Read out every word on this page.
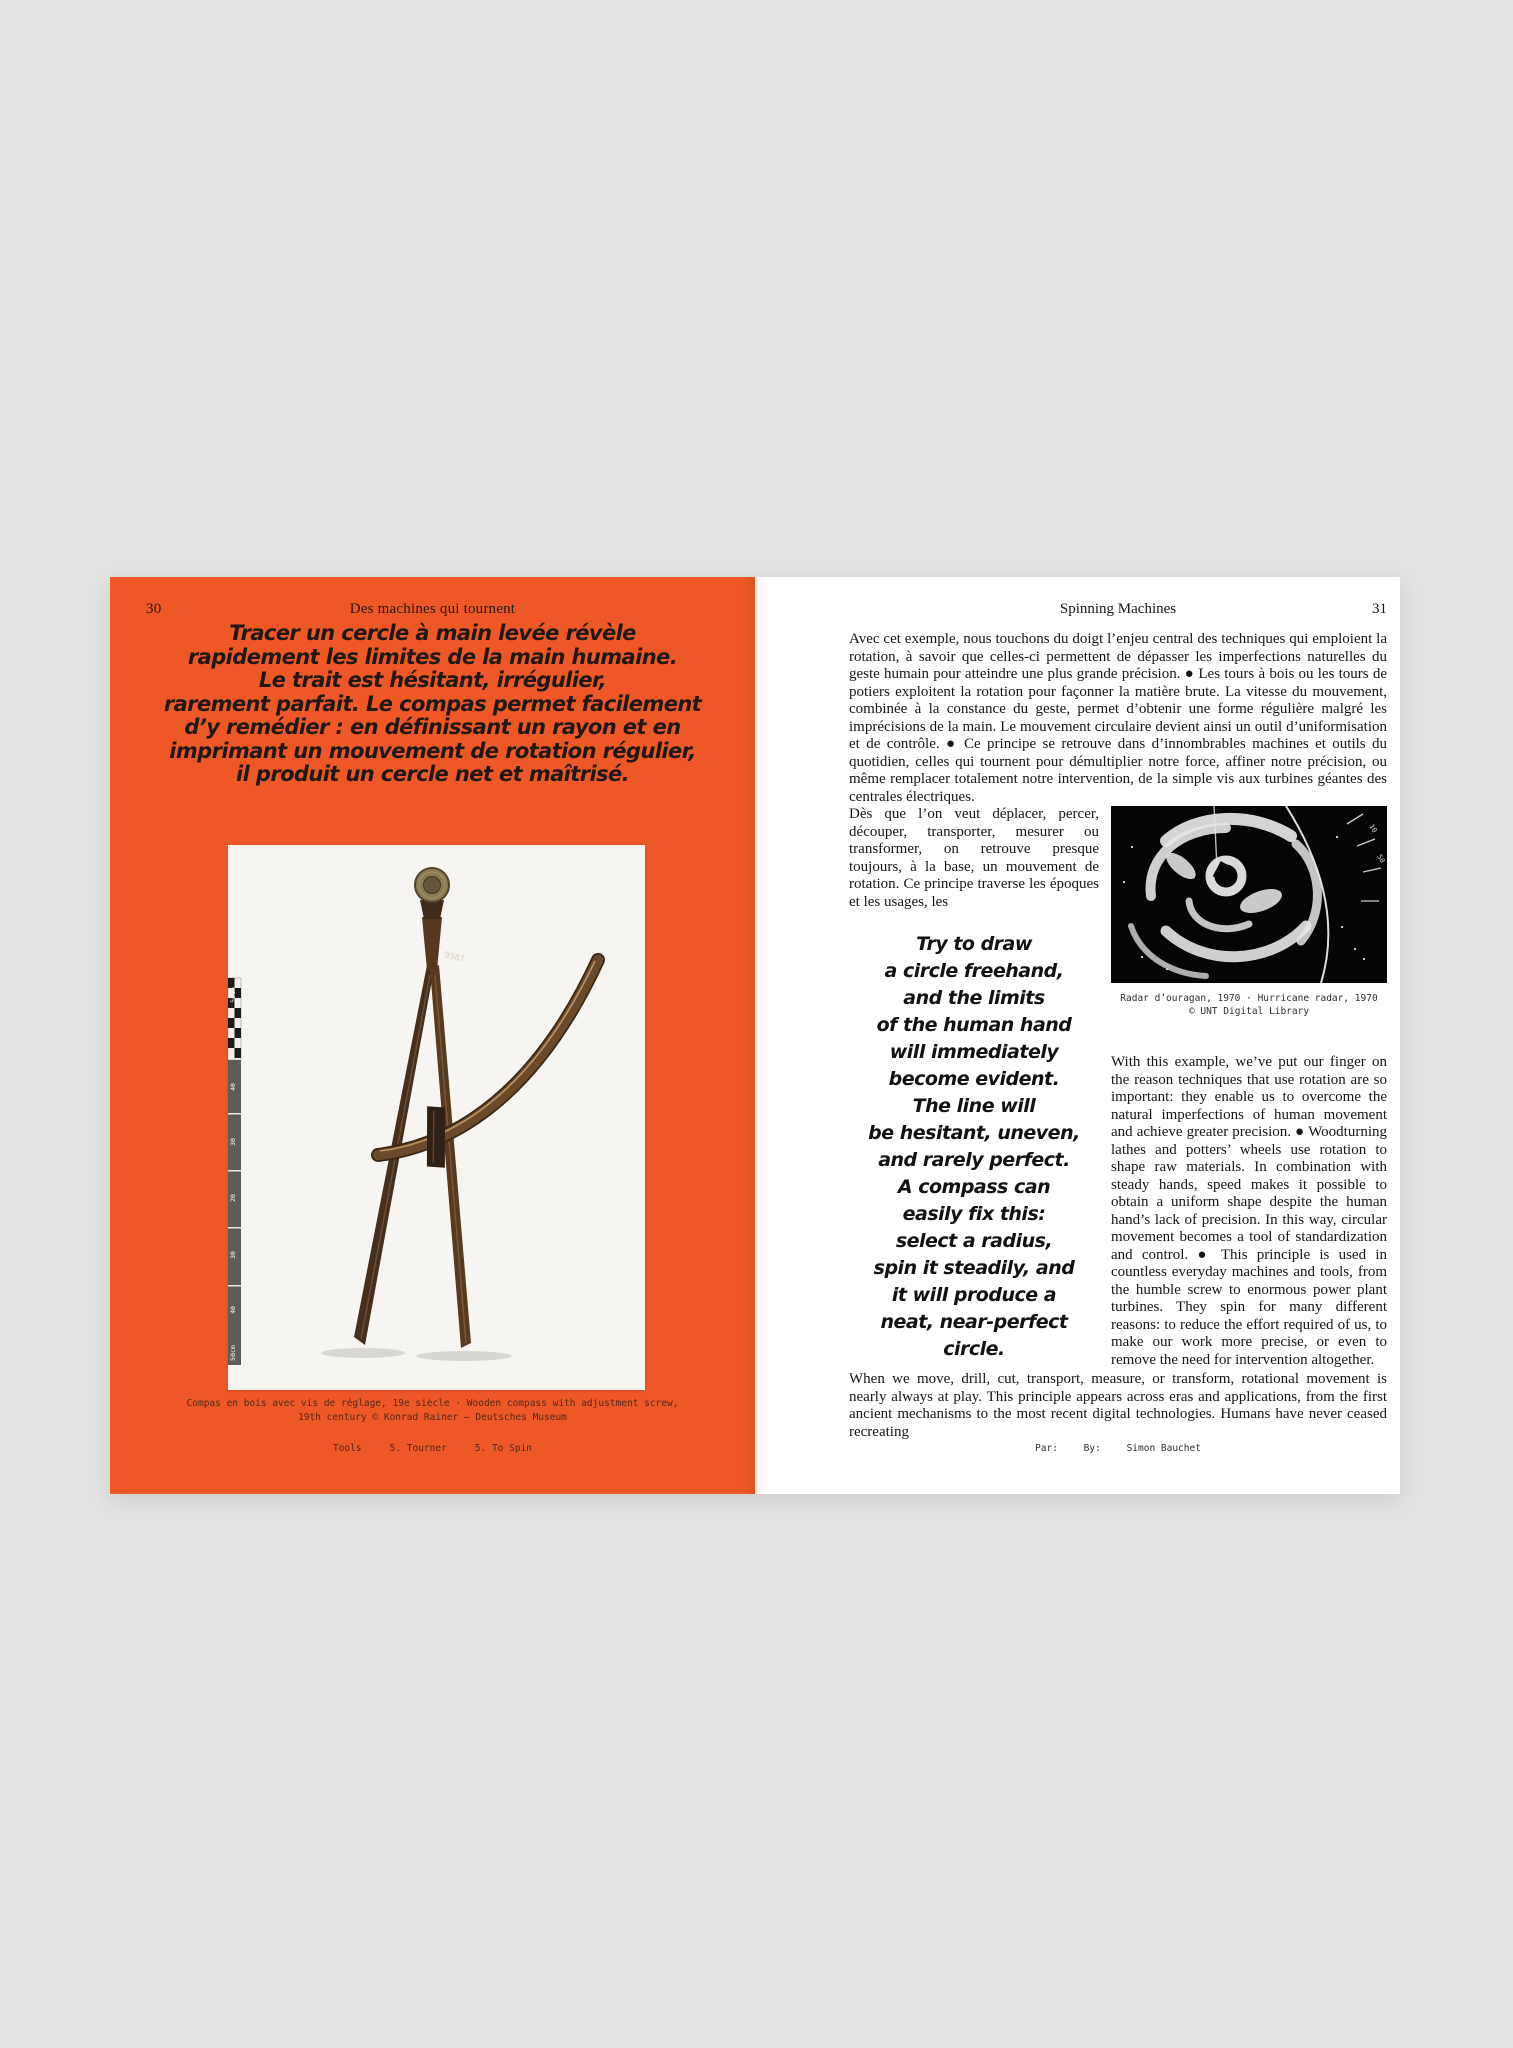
30	Des machines qui tournent
Tracer un cercle à main levée révèle
rapidement les limites de la main humaine.
Le trait est hésitant, irrégulier,
rarement parfait. Le compas permet facilement
d’y remédier : en définissant un rayon et en
imprimant un mouvement de rotation régulier,
il produit un cercle net et maîtrisé.
50cm
40
30
20
30
40
50cm
9587
Compas en bois avec vis de réglage, 19e siècle · Wooden compass with adjustment screw,
19th century © Konrad Rainer – Deutsches Museum
Tools	5. Tourner	5. To Spin
Spinning Machines	31

Avec cet exemple, nous touchons du doigt l’enjeu central des techniques qui emploient la rotation, à savoir que celles-ci permettent de dépasser les imperfections naturelles du geste humain pour atteindre une plus grande précision. ● Les tours à bois ou les tours de potiers exploitent la rotation pour façonner la matière brute. La vitesse du mouvement, combinée à la constance du geste, permet d’obtenir une forme régulière malgré les imprécisions de la main. Le mouvement circulaire devient ainsi un outil d’uniformisation et de contrôle. ● Ce principe se retrouve dans d’innombrables machines et outils du quotidien, celles qui tournent pour démultiplier notre force, affiner notre précision, ou même remplacer totalement notre intervention, de la simple vis aux turbines géantes des centrales électriques.

Dès que l’on veut déplacer, percer, découper, transporter, mesurer ou transformer, on retrouve presque toujours, à la base, un mouvement de rotation. Ce principe traverse les époques et les usages, les

Try to draw
a circle freehand,
and the limits
of the human hand
will immediately
become evident.
The line will
be hesitant, uneven,
and rarely perfect.
A compass can
easily fix this:
select a radius,
spin it steadily, and
it will produce a
neat, near-perfect
circle.
10
50
Radar d’ouragan, 1970 · Hurricane radar, 1970
© UNT Digital Library

With this example, we’ve put our finger on the reason techniques that use rotation are so important: they enable us to overcome the natural imperfections of human movement and achieve greater precision. ● Woodturning lathes and potters’ wheels use rotation to shape raw materials. In combination with steady hands, speed makes it possible to obtain a uniform shape despite the human hand’s lack of precision. In this way, circular movement becomes a tool of standardization and control. ● This principle is used in countless everyday machines and tools, from the humble screw to enormous power plant turbines. They spin for many different reasons: to reduce the effort required of us, to make our work more precise, or even to remove the need for intervention altogether.

When we move, drill, cut, transport, measure, or transform, rotational movement is nearly always at play. This principle appears across eras and applications, from the first ancient mechanisms to the most recent digital technologies. Humans have never ceased recreating

Par:	By:	Simon Bauchet
